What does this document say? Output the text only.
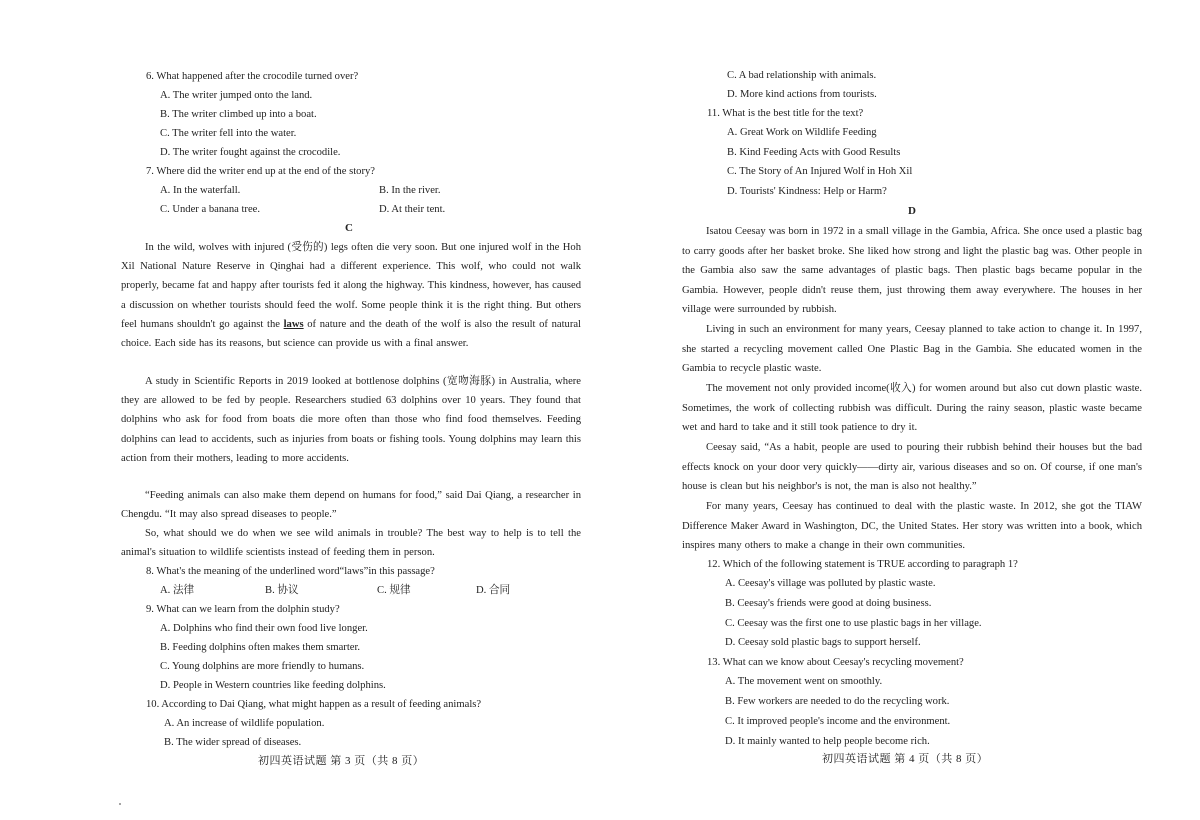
6. What happened after the crocodile turned over?
A. The writer jumped onto the land.
B. The writer climbed up into a boat.
C. The writer fell into the water.
D. The writer fought against the crocodile.
7. Where did the writer end up at the end of the story?
A. In the waterfall.	B. In the river.
C. Under a banana tree.	D. At their tent.
C
In the wild, wolves with injured (受伤的) legs often die very soon. But one injured wolf in the Hoh Xil National Nature Reserve in Qinghai had a different experience. This wolf, who could not walk properly, became fat and happy after tourists fed it along the highway. This kindness, however, has caused a discussion on whether tourists should feed the wolf. Some people think it is the right thing. But others feel humans shouldn't go against the laws of nature and the death of the wolf is also the result of natural choice. Each side has its reasons, but science can provide us with a final answer.
A study in Scientific Reports in 2019 looked at bottlenose dolphins (宽吻海豚) in Australia, where they are allowed to be fed by people. Researchers studied 63 dolphins over 10 years. They found that dolphins who ask for food from boats die more often than those who find food themselves. Feeding dolphins can lead to accidents, such as injuries from boats or fishing tools. Young dolphins may learn this action from their mothers, leading to more accidents.
“Feeding animals can also make them depend on humans for food,” said Dai Qiang, a researcher in Chengdu. “It may also spread diseases to people.”
So, what should we do when we see wild animals in trouble? The best way to help is to tell the animal's situation to wildlife scientists instead of feeding them in person.
8. What's the meaning of the underlined word“laws”in this passage?
A. 法律	B. 协议	C. 规律	D. 合同
9. What can we learn from the dolphin study?
A. Dolphins who find their own food live longer.
B. Feeding dolphins often makes them smarter.
C. Young dolphins are more friendly to humans.
D. People in Western countries like feeding dolphins.
10. According to Dai Qiang, what might happen as a result of feeding animals?
A. An increase of wildlife population.
B. The wider spread of diseases.
初四英语试题 第 3 页（共 8 页）
C. A bad relationship with animals.
D. More kind actions from tourists.
11. What is the best title for the text?
A. Great Work on Wildlife Feeding
B. Kind Feeding Acts with Good Results
C. The Story of An Injured Wolf in Hoh Xil
D. Tourists' Kindness: Help or Harm?
D
Isatou Ceesay was born in 1972 in a small village in the Gambia, Africa. She once used a plastic bag to carry goods after her basket broke. She liked how strong and light the plastic bag was. Other people in the Gambia also saw the same advantages of plastic bags. Then plastic bags became popular in the Gambia. However, people didn't reuse them, just throwing them away everywhere. The houses in her village were surrounded by rubbish.
Living in such an environment for many years, Ceesay planned to take action to change it. In 1997, she started a recycling movement called One Plastic Bag in the Gambia. She educated women in the Gambia to recycle plastic waste.
The movement not only provided income(收入) for women around but also cut down plastic waste. Sometimes, the work of collecting rubbish was difficult. During the rainy season, plastic waste became wet and hard to take and it still took patience to dry it.
Ceesay said, “As a habit, people are used to pouring their rubbish behind their houses but the bad effects knock on your door very quickly——dirty air, various diseases and so on. Of course, if one man's house is clean but his neighbor's is not, the man is also not healthy.”
For many years, Ceesay has continued to deal with the plastic waste. In 2012, she got the TIAW Difference Maker Award in Washington, DC, the United States. Her story was written into a book, which inspires many others to make a change in their own communities.
12. Which of the following statement is TRUE according to paragraph 1?
A. Ceesay's village was polluted by plastic waste.
B. Ceesay's friends were good at doing business.
C. Ceesay was the first one to use plastic bags in her village.
D. Ceesay sold plastic bags to support herself.
13. What can we know about Ceesay's recycling movement?
A. The movement went on smoothly.
B. Few workers are needed to do the recycling work.
C. It improved people's income and the environment.
D. It mainly wanted to help people become rich.
初四英语试题 第 4 页（共 8 页）
